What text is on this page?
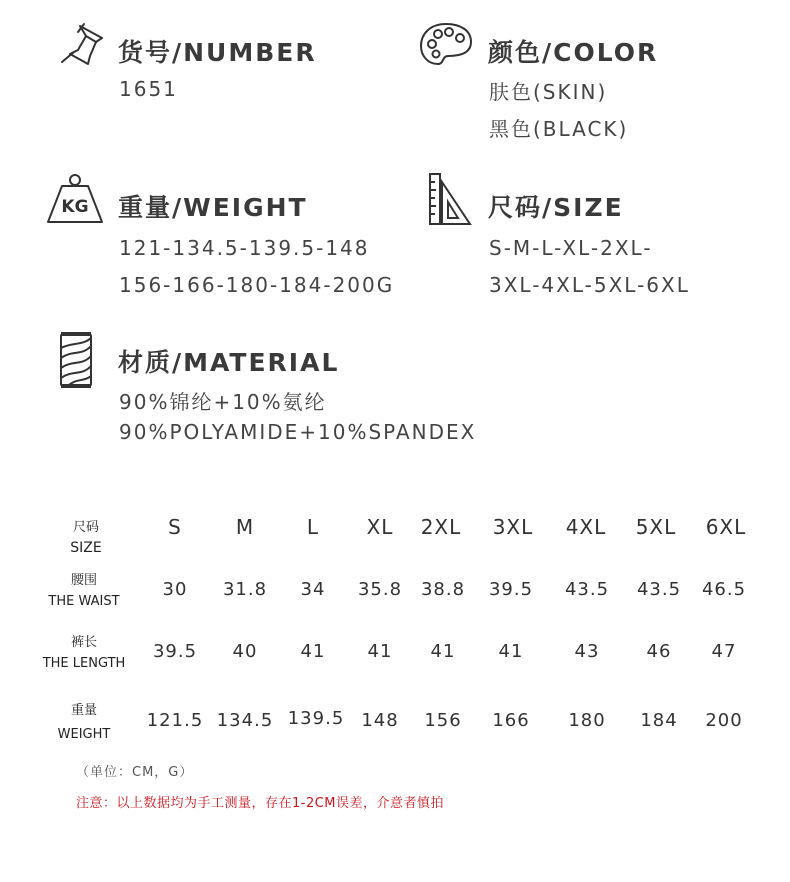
货号/NUMBER
1651
颜色/COLOR
肤色(SKIN)
黑色(BLACK)
KG	重量/WEIGHT
121-134.5-139.5-148
156-166-180-184-200G
尺码/SIZE
S-M-L-XL-2XL-
3XL-4XL-5XL-6XL
材质/MATERIAL
90%锦纶+10%氨纶
90%POLYAMIDE+10%SPANDEX
尺码
SIZE
S	M	L XL 2XL 3XL 4XL 5XL 6XL
腰围
THE WAIST
30 31.8 34 35.8 38.8 39.5 43.5 43.5 46.5
裤长
THE LENGTH
39.5 40 41 41 41 41	43	46 47
重量
WEIGHT
121.5 134.5 139.5 148 156 166 180 184 200
（单位：CM，G）
注意：以上数据均为手工测量，存在1-2CM误差，介意者慎拍
